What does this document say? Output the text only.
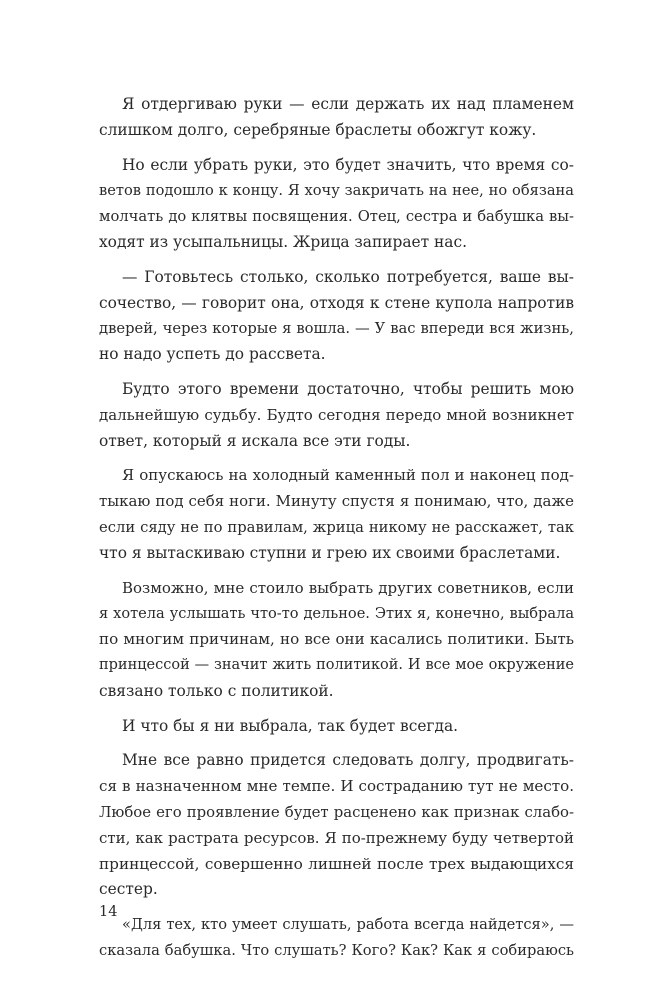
Я отдергиваю руки — если держать их над пламенем
слишком долго, серебряные браслеты обожгут кожу.
Но если убрать руки, это будет значить, что время со-
ветов подошло к концу. Я хочу закричать на нее, но обязана
молчать до клятвы посвящения. Отец, сестра и бабушка вы-
ходят из усыпальницы. Жрица запирает нас.
— Готовьтесь столько, сколько потребуется, ваше вы-
сочество, — говорит она, отходя к стене купола напротив
дверей, через которые я вошла. — У вас впереди вся жизнь,
но надо успеть до рассвета.
Будто этого времени достаточно, чтобы решить мою
дальнейшую судьбу. Будто сегодня передо мной возникнет
ответ, который я искала все эти годы.
Я опускаюсь на холодный каменный пол и наконец под-
тыкаю под себя ноги. Минуту спустя я понимаю, что, даже
если сяду не по правилам, жрица никому не расскажет, так
что я вытаскиваю ступни и грею их своими браслетами.
Возможно, мне стоило выбрать других советников, если
я хотела услышать что-то дельное. Этих я, конечно, выбрала
по многим причинам, но все они касались политики. Быть
принцессой — значит жить политикой. И все мое окружение
связано только с политикой.
И что бы я ни выбрала, так будет всегда.
Мне все равно придется следовать долгу, продвигать-
ся в назначенном мне темпе. И состраданию тут не место.
Любое его проявление будет расценено как признак слабо-
сти, как растрата ресурсов. Я по-прежнему буду четвертой
принцессой, совершенно лишней после трех выдающихся
сестер.
«Для тех, кто умеет слушать, работа всегда найдется», —
сказала бабушка. Что слушать? Кого? Как? Как я собираюсь
14
